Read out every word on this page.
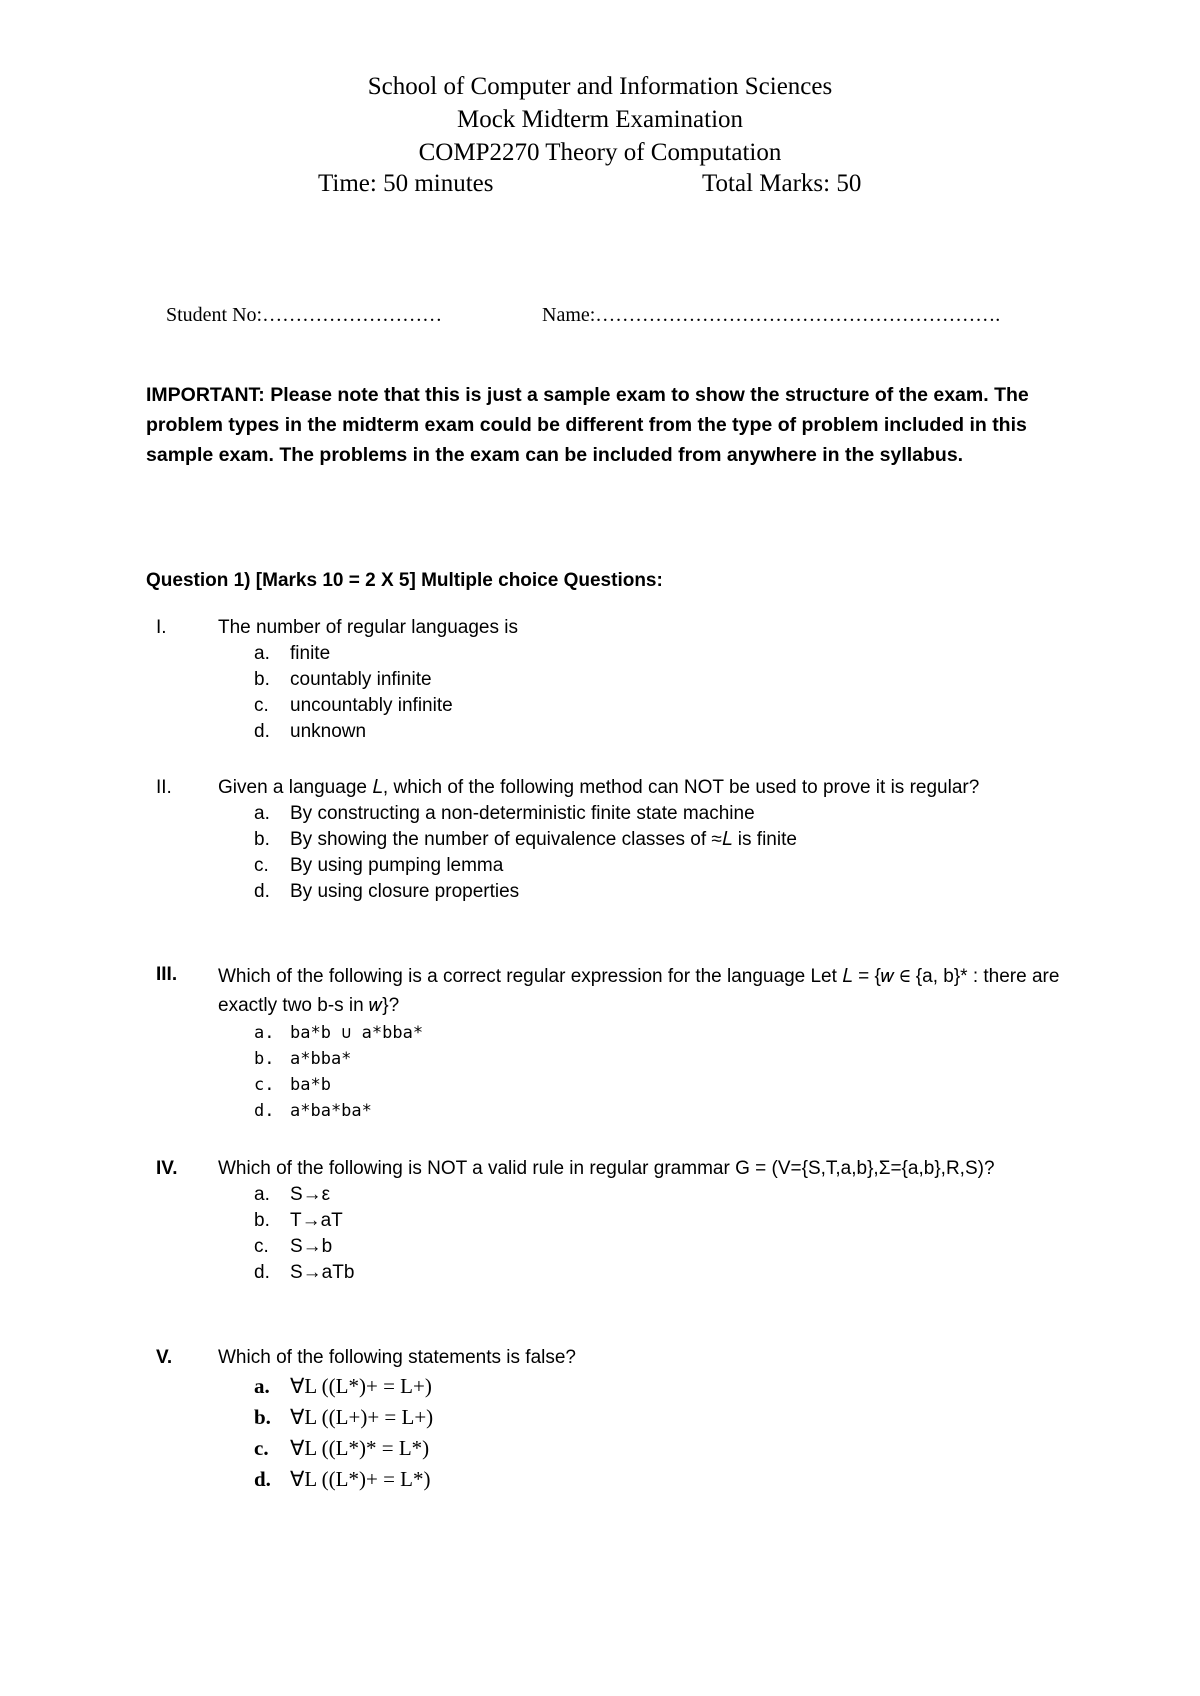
School of Computer and Information Sciences
Mock Midterm Examination
COMP2270 Theory of Computation
Time: 50 minutes	Total Marks: 50
Student No:………………………	Name:…………………………………………………….
IMPORTANT: Please note that this is just a sample exam to show the structure of the exam. The problem types in the midterm exam could be different from the type of problem included in this sample exam. The problems in the exam can be included from anywhere in the syllabus.
Question 1) [Marks 10 = 2 X 5] Multiple choice Questions:
I.	The number of regular languages is
a. finite
b. countably infinite
c. uncountably infinite
d. unknown
II.	Given a language 𝐿, which of the following method can NOT be used to prove it is regular?
a. By constructing a non-deterministic finite state machine
b. By showing the number of equivalence classes of ≈𝐿 is finite
c. By using pumping lemma
d. By using closure properties
III.	Which of the following is a correct regular expression for the language Let 𝐿 = {𝑤 ∈ {a, b}* : there are exactly two b-s in 𝑤}?
a. ba*b ∪ a*bba*
b. a*bba*
c. ba*b
d. a*ba*ba*
IV.	Which of the following is NOT a valid rule in regular grammar G = (V={S,T,a,b},Σ={a,b},R,S)?
a. S→ε
b. T→aT
c. S→b
d. S→aTb
V.	Which of the following statements is false?
a. ∀L ((L*)+ = L+)
b. ∀L ((L+)+ = L+)
c. ∀L ((L*)* = L*)
d. ∀L ((L*)+ = L*)
